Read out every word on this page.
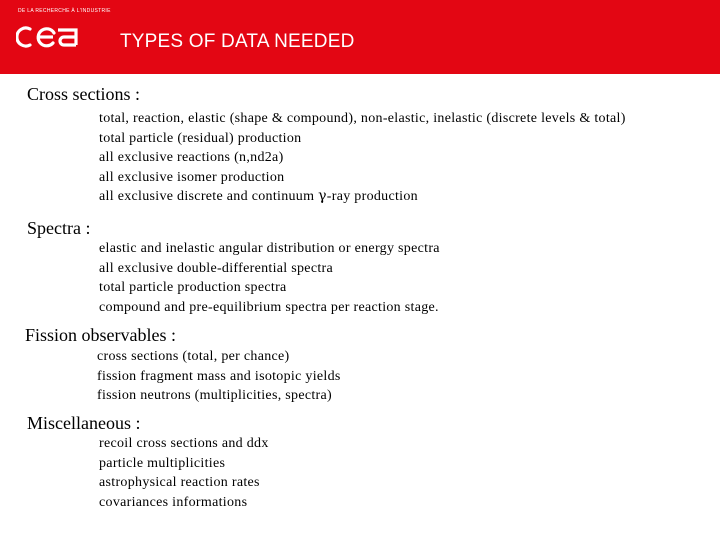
DE LA RECHERCHE À L'INDUSTRIE
TYPES OF DATA NEEDED
Cross sections :
total, reaction, elastic (shape & compound), non-elastic, inelastic (discrete levels & total)
total particle (residual) production
all exclusive reactions (n,nd2a)
all exclusive isomer production
all exclusive discrete and continuum γ-ray production
Spectra :
elastic and inelastic angular distribution or energy spectra
all exclusive double-differential spectra
total particle production spectra
compound and pre-equilibrium spectra per reaction stage.
Fission observables :
cross sections (total, per chance)
fission fragment mass and isotopic yields
fission neutrons (multiplicities, spectra)
Miscellaneous :
recoil cross sections and ddx
particle multiplicities
astrophysical reaction rates
covariances informations
